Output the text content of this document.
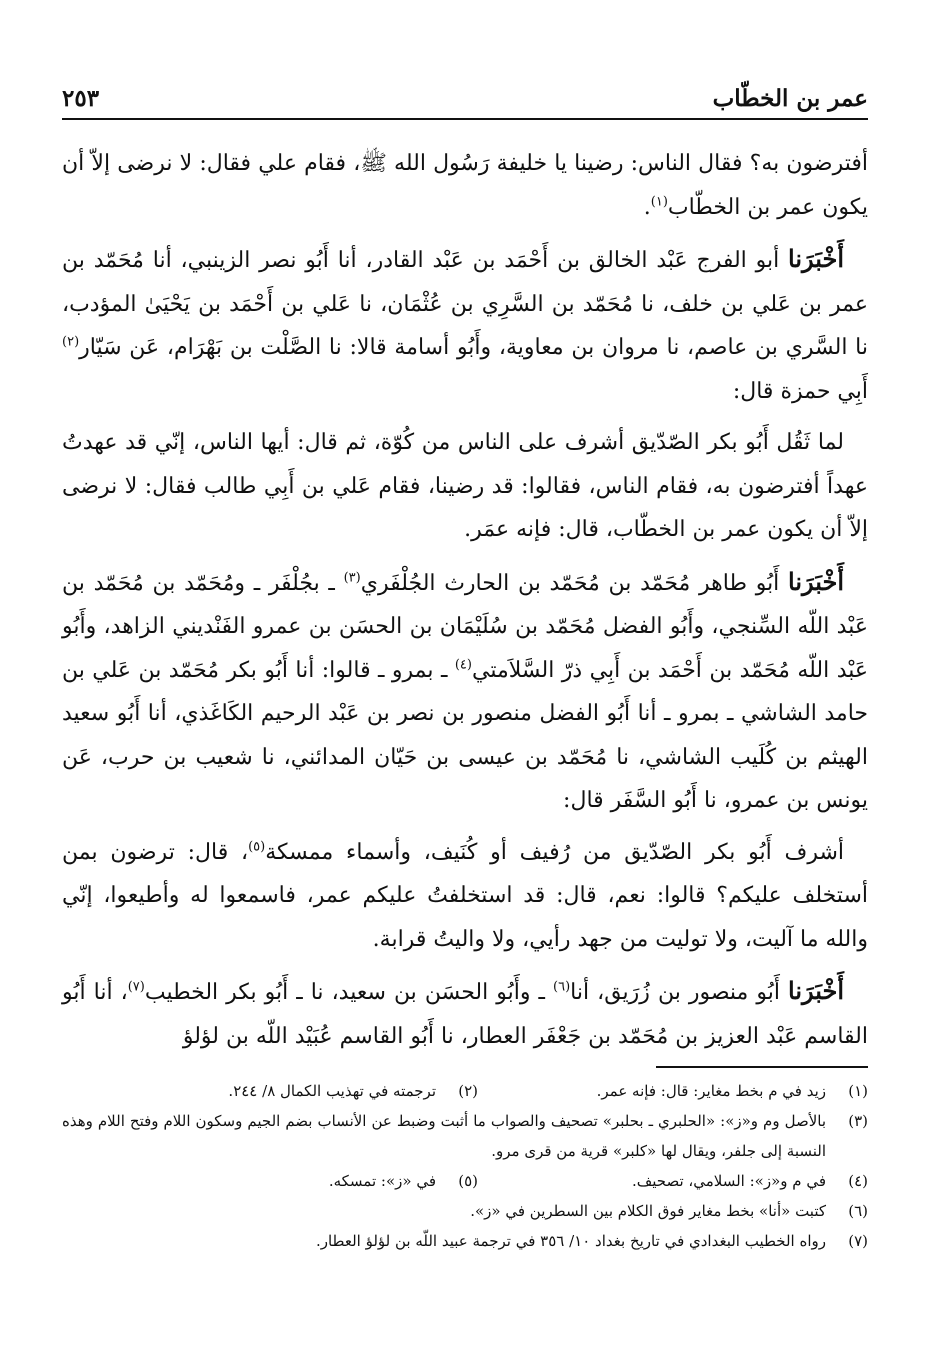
عمر بن الخطّاب
٢٥٣

أفترضون به؟ فقال الناس: رضينا يا خليفة رَسُول الله ﷺ، فقام علي فقال: لا نرضى إلاّ أن يكون عمر بن الخطّاب$^{(١)}$.

أَخْبَرَنا أبو الفرج عَبْد الخالق بن أَحْمَد بن عَبْد القادر، أنا أَبُو نصر الزينبي، أنا مُحَمّد بن عمر بن عَلي بن خلف، نا مُحَمّد بن السَّرِي بن عُثْمَان، نا عَلي بن أَحْمَد بن يَحْيَىٰ المؤدب، نا السَّري بن عاصم، نا مروان بن معاوية، وأَبُو أسامة قالا: نا الصَّلْت بن بَهْرَام، عَن سَيّار$^{(٢)}$ أَبِي حمزة قال:

لما ثَقُل أَبُو بكر الصّدّيق أشرف على الناس من كُوّة، ثم قال: أيها الناس، إنّي قد عهدتُ عهداً أفترضون به، فقام الناس، فقالوا: قد رضينا، فقام عَلي بن أَبِي طالب فقال: لا نرضى إلاّ أن يكون عمر بن الخطّاب، قال: فإنه عمَر.

أَخْبَرَنا أَبُو طاهر مُحَمّد بن مُحَمّد بن الحارث الجُلْفَري$^{(٣)}$ ـ بجُلْفَر ـ ومُحَمّد بن مُحَمّد بن عَبْد اللّه السِّنجي، وأَبُو الفضل مُحَمّد بن سُلَيْمَان بن الحسَن بن عمرو الفَنْديني الزاهد، وأَبُو عَبْد اللّه مُحَمّد بن أَحْمَد بن أَبِي ذرّ السَّلاَمتي$^{(٤)}$ ـ بمرو ـ قالوا: أنا أَبُو بكر مُحَمّد بن عَلي بن حامد الشاشي ـ بمرو ـ أنا أَبُو الفضل منصور بن نصر بن عَبْد الرحيم الكَاغَذي، أنا أَبُو سعيد الهيثم بن كُلَيب الشاشي، نا مُحَمّد بن عيسى بن حَيّان المدائني، نا شعيب بن حرب، عَن يونس بن عمرو، نا أَبُو السَّفَر قال:

أشرف أَبُو بكر الصّدّيق من رُفيف أو كُنَيف، وأسماء ممسكة$^{(٥)}$، قال: ترضون بمن أستخلف عليكم؟ قالوا: نعم، قال: قد استخلفتُ عليكم عمر، فاسمعوا له وأطيعوا، إنّي والله ما آليت، ولا توليت من جهد رأيي، ولا واليتُ قرابة.

أَخْبَرَنا أَبُو منصور بن زُرَيق، أنا$^{(٦)}$ ـ وأَبُو الحسَن بن سعيد، نا ـ أَبُو بكر الخطيب$^{(٧)}$، أنا أَبُو القاسم عَبْد العزيز بن مُحَمّد بن جَعْفَر العطار، نا أَبُو القاسم عُبَيْد اللّه بن لؤلؤ

(١)
زيد في م بخط مغاير: قال: فإنه عمر.
(٢)
ترجمته في تهذيب الكمال ٨/ ٢٤٤.
(٣)
بالأصل وم و«ز»: «الحلبري ـ بحلبر» تصحيف والصواب ما أثبت وضبط عن الأنساب بضم الجيم وسكون اللام وفتح اللام وهذه النسبة إلى جلفر، ويقال لها «كلبر» قرية من قرى مرو.
(٤)
في م و«ز»: السلامي، تصحيف.
(٥)
في «ز»: تمسكه.
(٦)
كتبت «أنا» بخط مغاير فوق الكلام بين السطرين في «ز».
(٧)
رواه الخطيب البغدادي في تاريخ بغداد ١٠/ ٣٥٦ في ترجمة عبيد اللّه بن لؤلؤ العطار.
